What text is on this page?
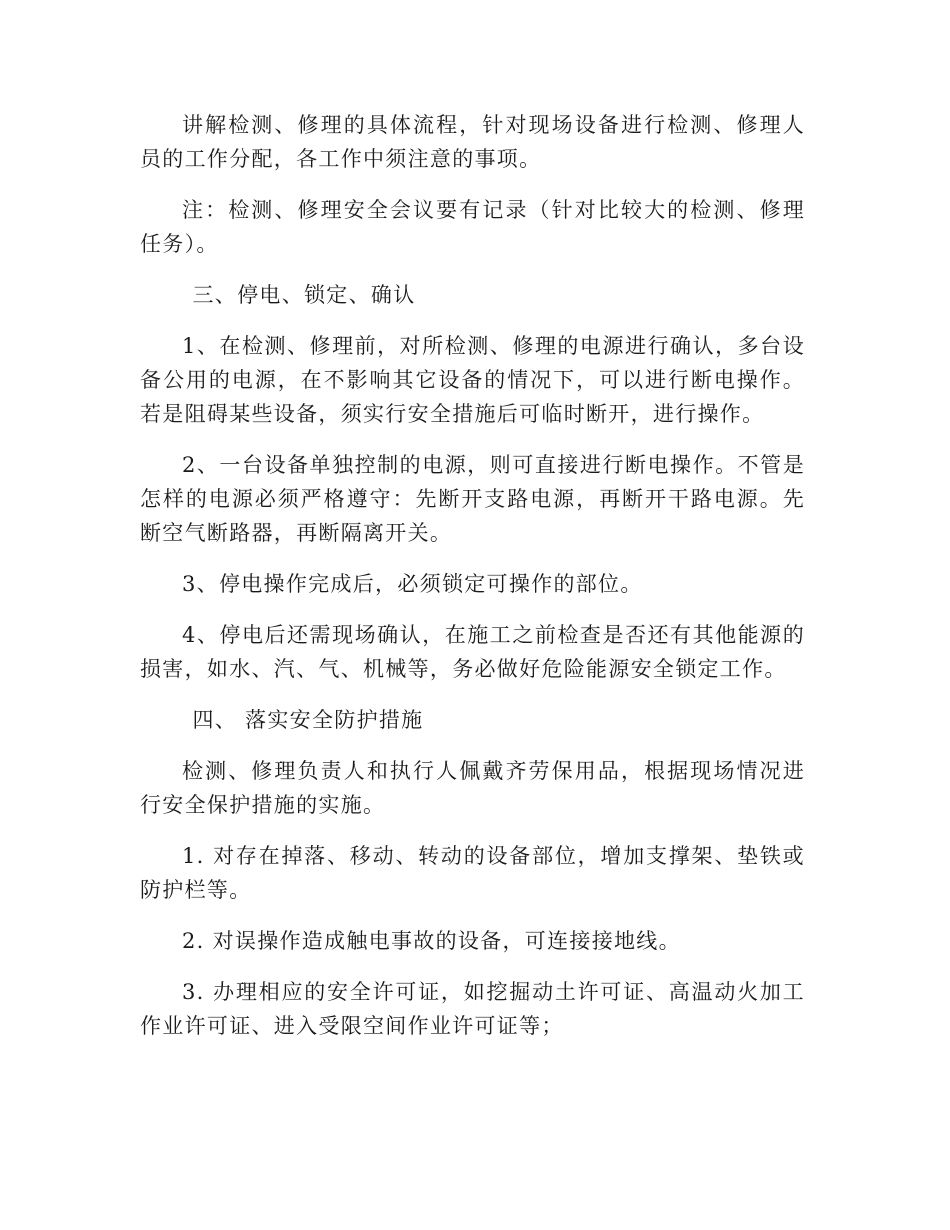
讲解检测、修理的具体流程，针对现场设备进行检测、修理人员的工作分配，各工作中须注意的事项。

注：检测、修理安全会议要有记录（针对比较大的检测、修理任务）。

三、停电、锁定、确认

1、在检测、修理前，对所检测、修理的电源进行确认，多台设备公用的电源，在不影响其它设备的情况下，可以进行断电操作。若是阻碍某些设备，须实行安全措施后可临时断开，进行操作。

2、一台设备单独控制的电源，则可直接进行断电操作。不管是怎样的电源必须严格遵守：先断开支路电源，再断开干路电源。先断空气断路器，再断隔离开关。

3、停电操作完成后，必须锁定可操作的部位。

4、停电后还需现场确认，在施工之前检查是否还有其他能源的损害，如水、汽、气、机械等，务必做好危险能源安全锁定工作。

四、 落实安全防护措施

检测、修理负责人和执行人佩戴齐劳保用品，根据现场情况进行安全保护措施的实施。

1. 对存在掉落、移动、转动的设备部位，增加支撑架、垫铁或防护栏等。

2. 对误操作造成触电事故的设备，可连接接地线。

3. 办理相应的安全许可证，如挖掘动土许可证、高温动火加工作业许可证、进入受限空间作业许可证等；
